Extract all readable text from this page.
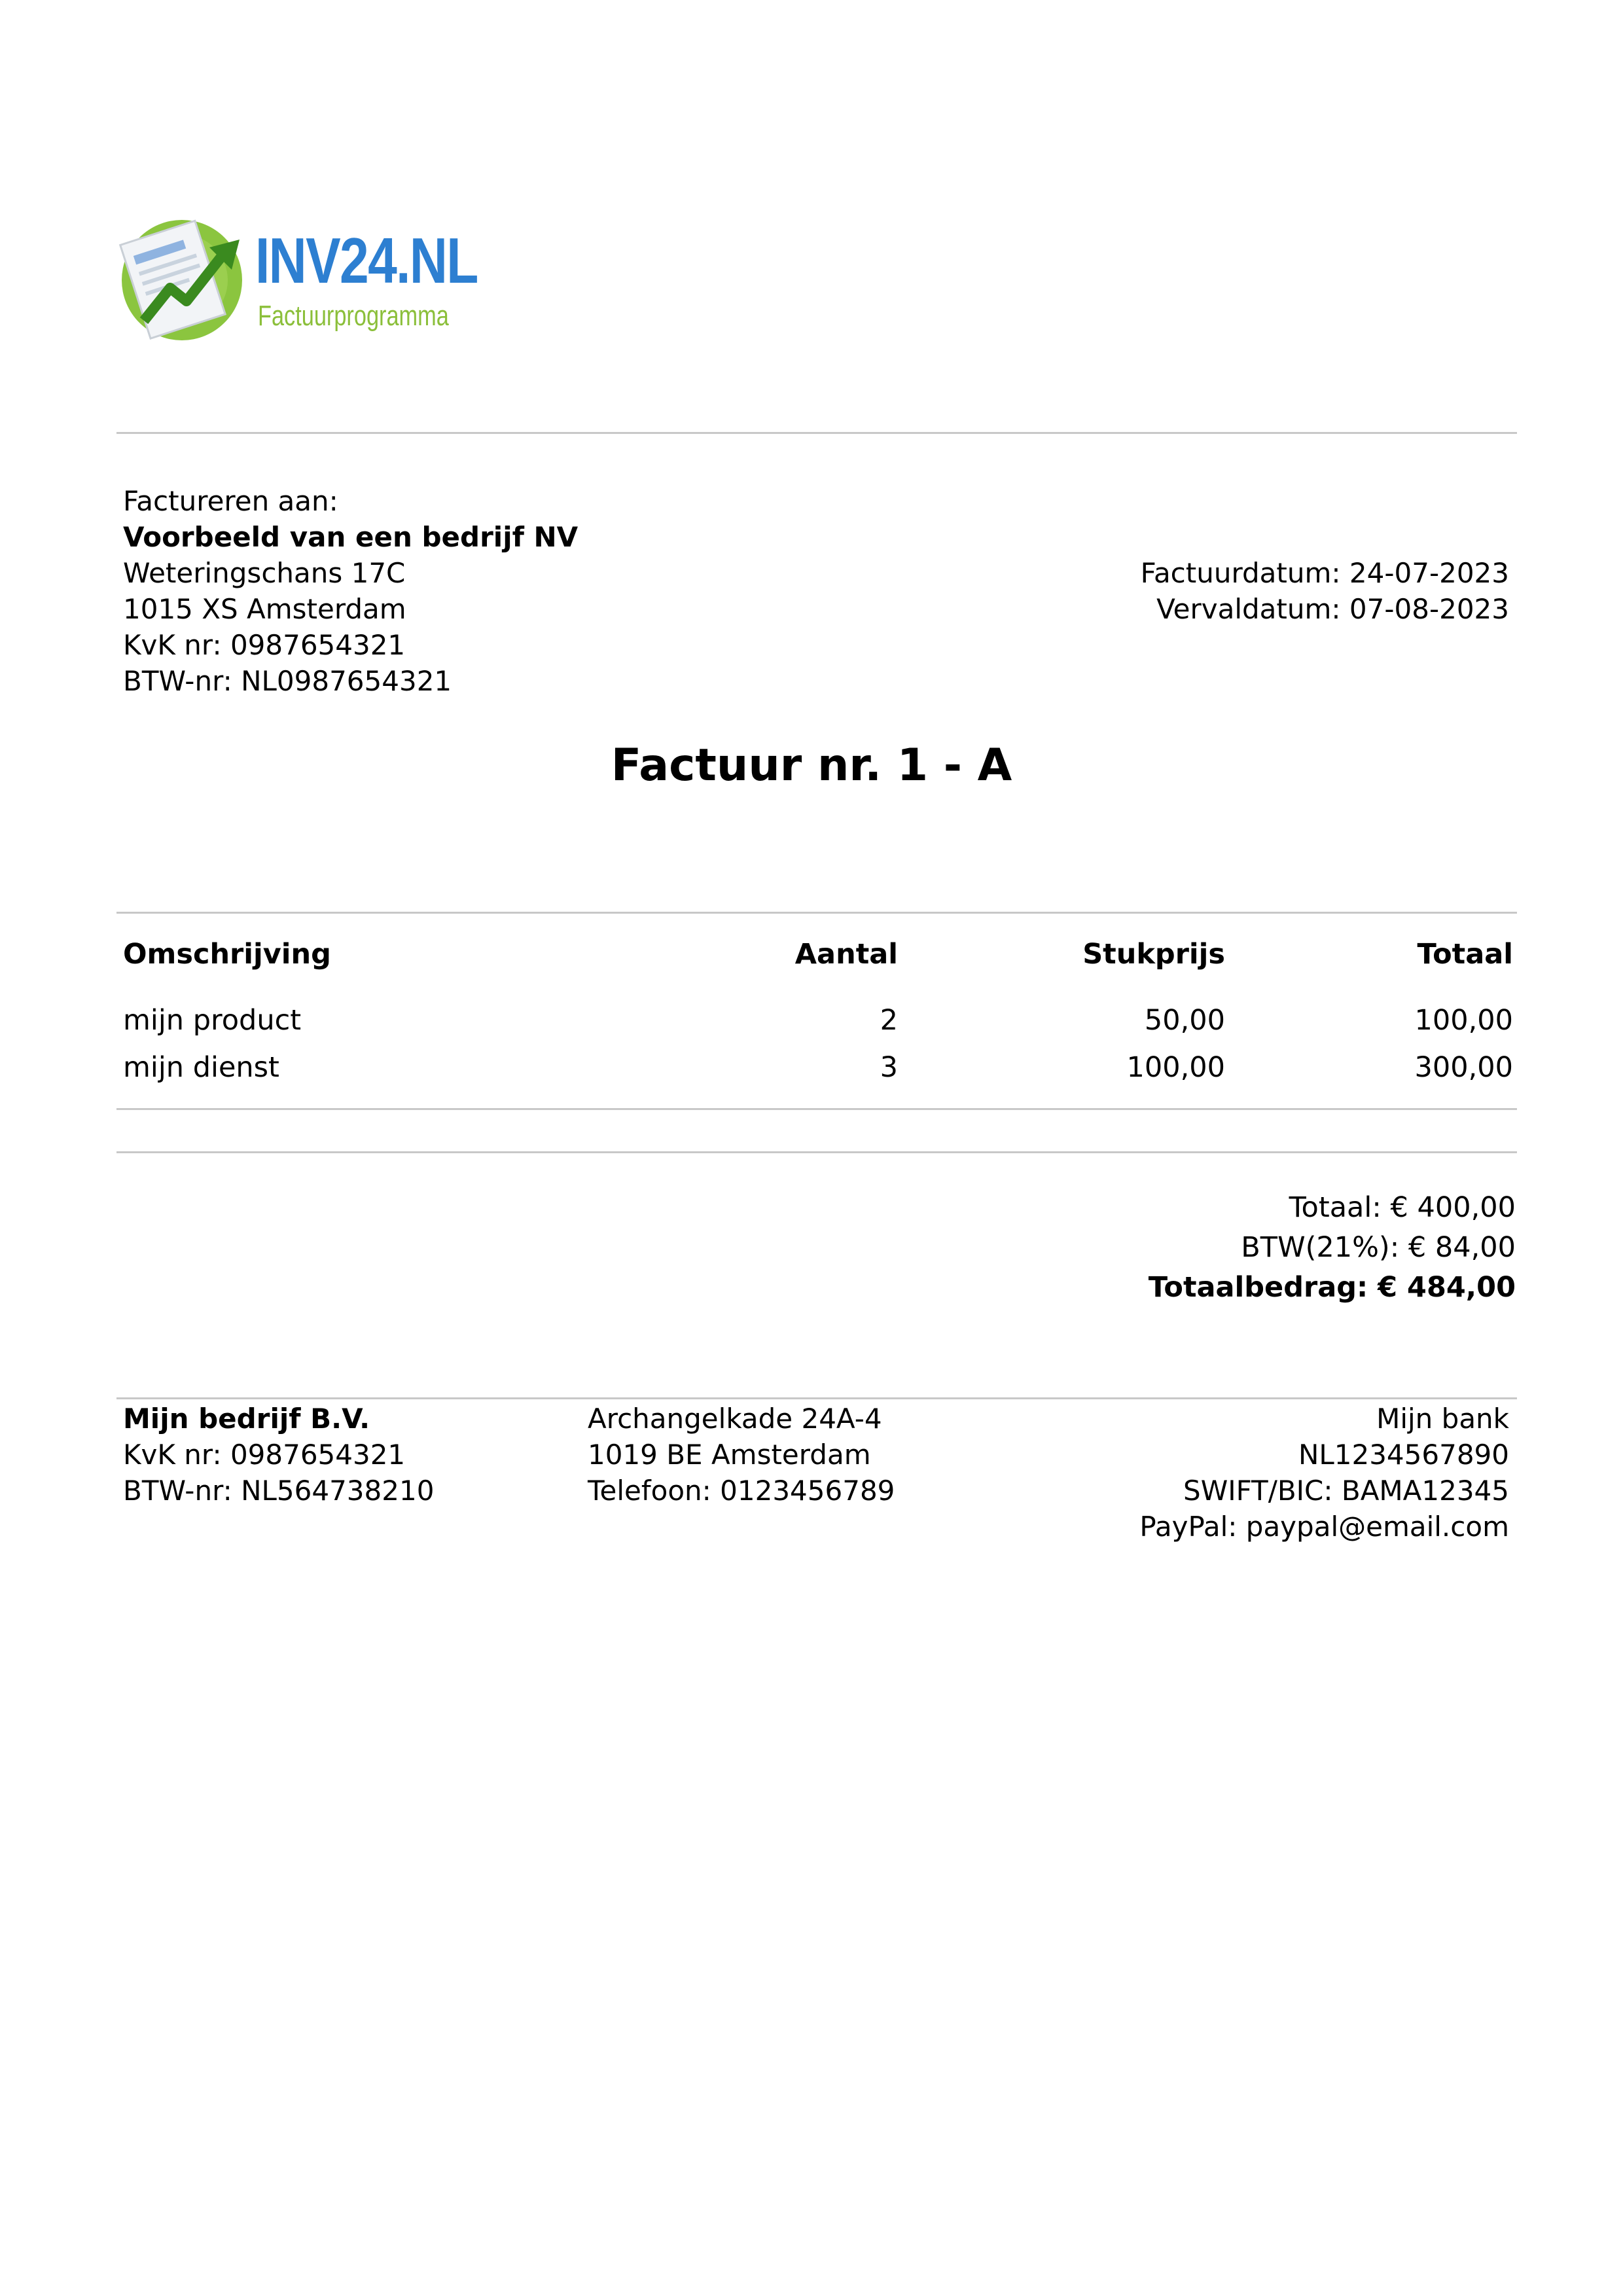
INV24.NL
Factuurprogramma
Factureren aan:
Voorbeeld van een bedrijf NV
Weteringschans 17C
1015 XS Amsterdam
KvK nr: 0987654321
BTW-nr: NL0987654321
Factuurdatum: 24-07-2023
Vervaldatum: 07-08-2023
Factuur nr. 1 - A
Omschrijving	Aantal	Stukprijs	Totaal
mijn product	2	50,00	100,00
mijn dienst	3	100,00	300,00
Totaal: € 400,00
BTW(21%): € 84,00
Totaalbedrag: € 484,00
Mijn bedrijf B.V.
KvK nr: 0987654321
BTW-nr: NL564738210
Archangelkade 24A-4
1019 BE Amsterdam
Telefoon: 0123456789
Mijn bank
NL1234567890
SWIFT/BIC: BAMA12345
PayPal: paypal@email.com
